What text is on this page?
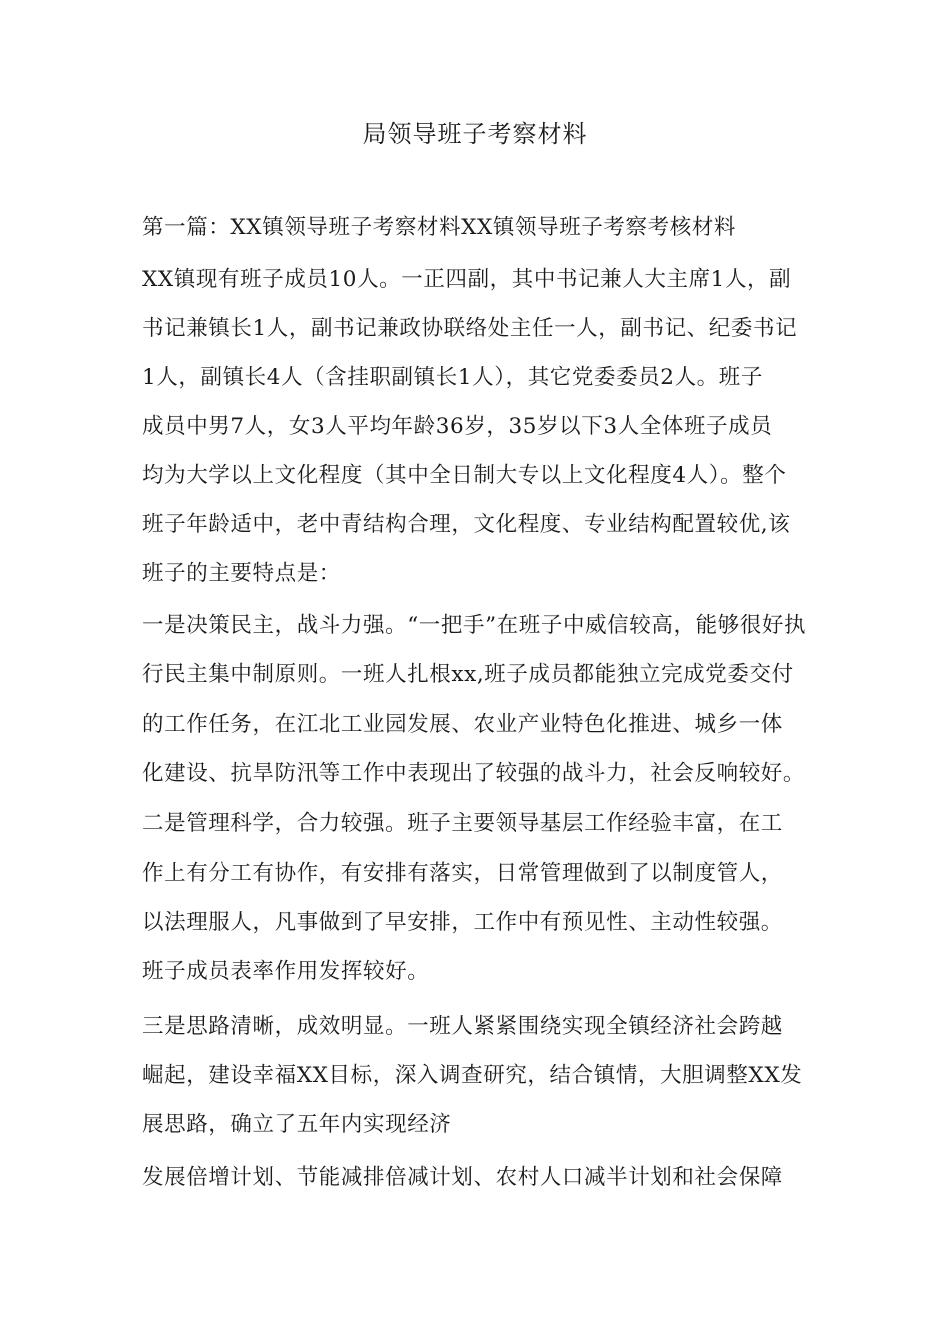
局领导班子考察材料
第一篇：XX镇领导班子考察材料XX镇领导班子考察考核材料
XX镇现有班子成员10人。一正四副，其中书记兼人大主席1人，副
书记兼镇长1人，副书记兼政协联络处主任一人，副书记、纪委书记
1人，副镇长4人（含挂职副镇长1人），其它党委委员2人。班子
成员中男7人，女3人平均年龄36岁，35岁以下3人全体班子成员
均为大学以上文化程度（其中全日制大专以上文化程度4人）。整个
班子年龄适中，老中青结构合理，文化程度、专业结构配置较优,该
班子的主要特点是：
一是决策民主，战斗力强。“一把手”在班子中威信较高，能够很好执
行民主集中制原则。一班人扎根xx,班子成员都能独立完成党委交付
的工作任务，在江北工业园发展、农业产业特色化推进、城乡一体
化建设、抗旱防汛等工作中表现出了较强的战斗力，社会反响较好。
二是管理科学，合力较强。班子主要领导基层工作经验丰富，在工
作上有分工有协作，有安排有落实，日常管理做到了以制度管人，
以法理服人，凡事做到了早安排，工作中有预见性、主动性较强。
班子成员表率作用发挥较好。
三是思路清晰，成效明显。一班人紧紧围绕实现全镇经济社会跨越
崛起，建设幸福XX目标，深入调查研究，结合镇情，大胆调整XX发
展思路，确立了五年内实现经济
发展倍增计划、节能减排倍减计划、农村人口减半计划和社会保障
